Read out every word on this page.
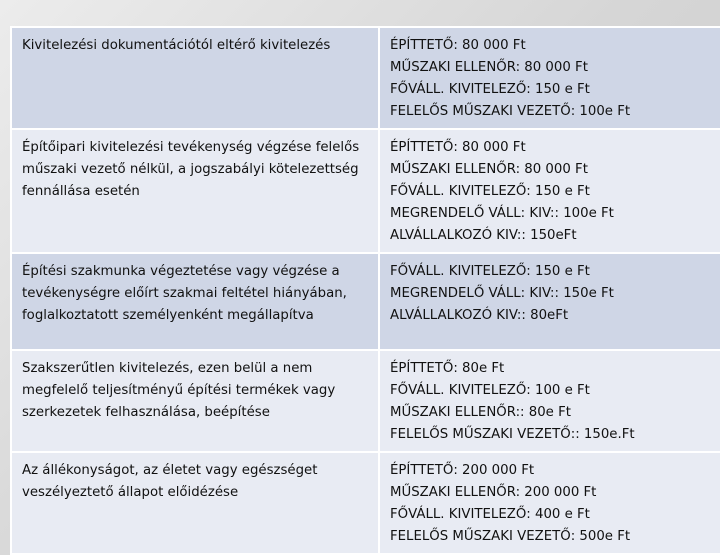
Kivitelezési dokumentációtól eltérő kivitelezés	ÉPÍTTETŐ: 80 000 Ft
MŰSZAKI ELLENŐR: 80 000 Ft
FŐVÁLL. KIVITELEZŐ: 150 e Ft
FELELŐS MŰSZAKI VEZETŐ: 100e Ft

Építőipari kivitelezési tevékenység végzése felelős műszaki vezető nélkül, a jogszabályi kötelezettség fennállása esetén	ÉPÍTTETŐ: 80 000 Ft
MŰSZAKI ELLENŐR: 80 000 Ft
FŐVÁLL. KIVITELEZŐ: 150 e Ft
MEGRENDELŐ VÁLL: KIV:: 100e Ft
ALVÁLLALKOZÓ KIV:: 150eFt

Építési szakmunka végeztetése vagy végzése a tevékenységre előírt szakmai feltétel hiányában, foglalkoztatott személyenként megállapítva	FŐVÁLL. KIVITELEZŐ: 150 e Ft
MEGRENDELŐ VÁLL: KIV:: 150e Ft
ALVÁLLALKOZÓ KIV:: 80eFt

Szakszerűtlen kivitelezés, ezen belül a nem megfelelő teljesítményű építési termékek vagy szerkezetek felhasználása, beépítése	ÉPÍTTETŐ: 80e Ft
FŐVÁLL. KIVITELEZŐ: 100 e Ft
MŰSZAKI ELLENŐR:: 80e Ft
FELELŐS MŰSZAKI VEZETŐ:: 150e.Ft

Az állékonyságot, az életet vagy egészséget veszélyeztető állapot előidézése	ÉPÍTTETŐ: 200 000 Ft
MŰSZAKI ELLENŐR: 200 000 Ft
FŐVÁLL. KIVITELEZŐ: 400 e Ft
FELELŐS MŰSZAKI VEZETŐ: 500e Ft
